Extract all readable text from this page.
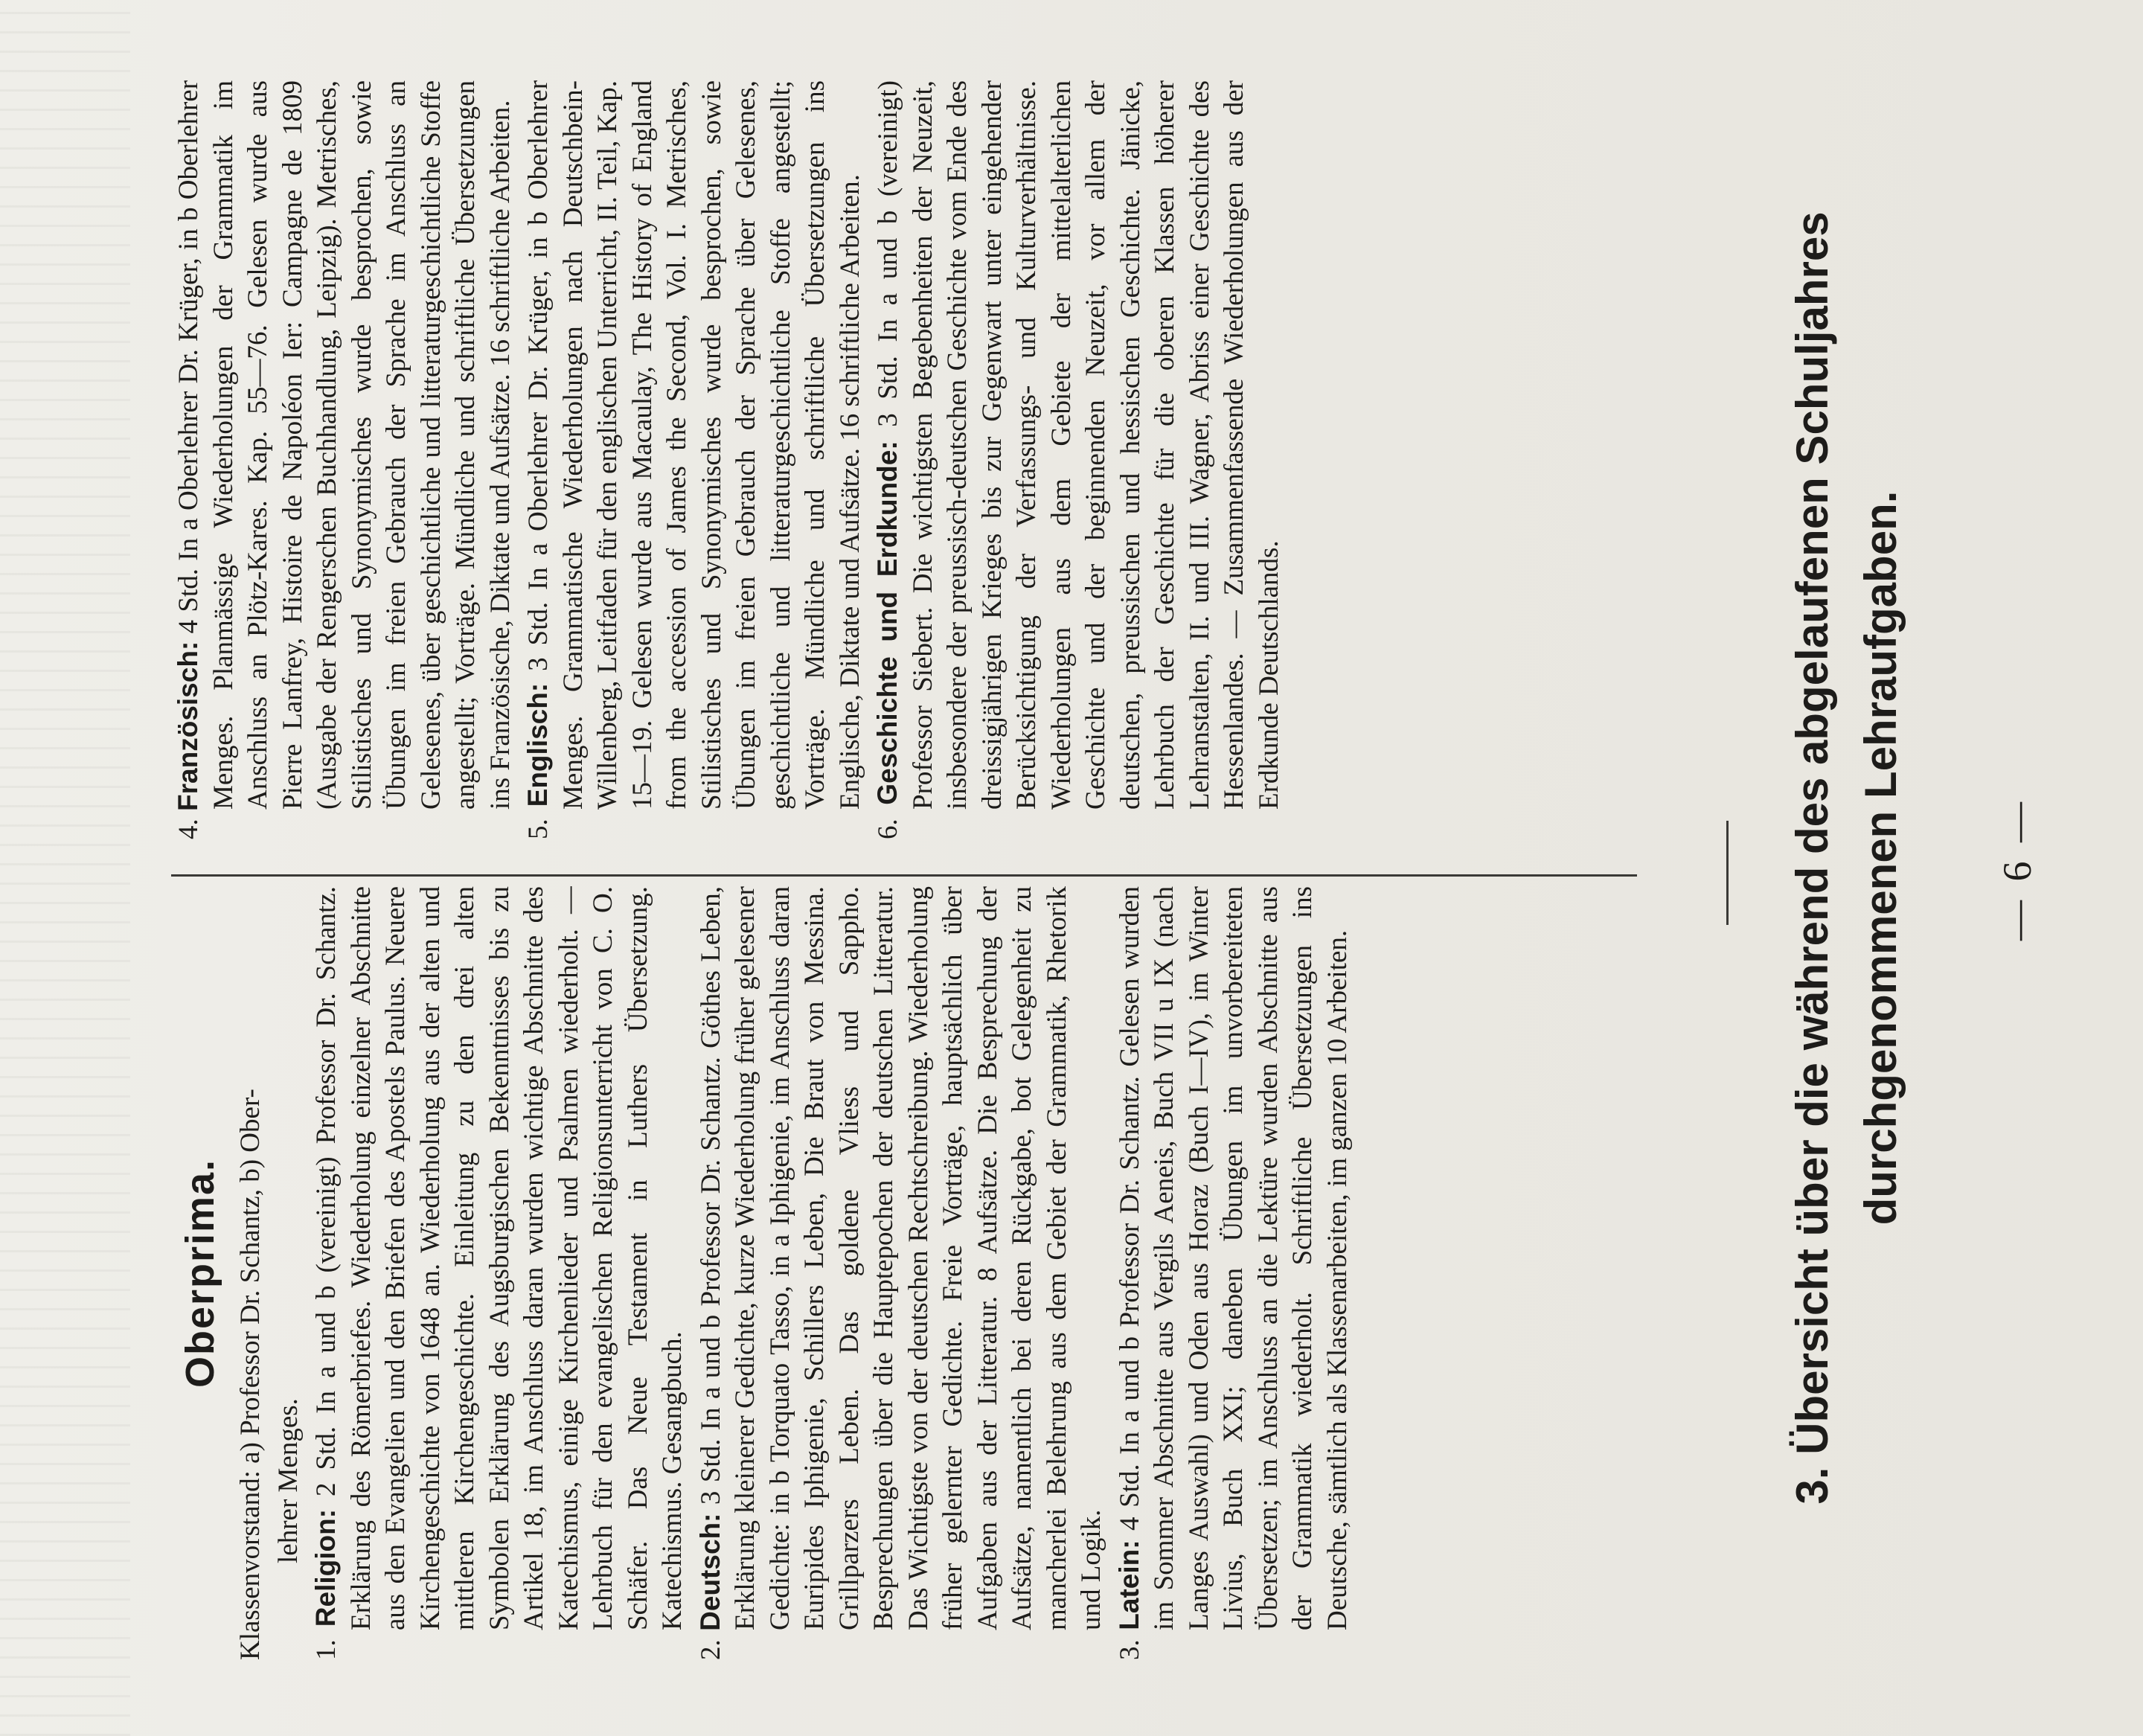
— 6 —
3. Übersicht über die während des abgelaufenen Schuljahres durchgenommenen Lehraufgaben.
Oberprima. Klassenvorstand: a) Professor Dr. Schantz, b) Ober- lehrer Menges.
1. Religion: 2 Std. In a und b (vereinigt) Professor Dr. Schantz. Erklärung des Römerbriefes. Wiederholung einzelner Abschnitte aus den Evangelien und den Briefen des Apostels Paulus. Neuere Kirchengeschichte von 1648 an. Wiederholung aus der alten und mittleren Kirchengeschichte. Einleitung zu den drei alten Symbolen Erklärung des Augsburgischen Bekenntnisses bis zu Artikel 18, im Anschluss daran wurden wichtige Abschnitte des Katechismus, einige Kirchenlieder und Psalmen wiederholt. — Lehrbuch für den evangelischen Religionsunterricht von C. O. Schäfer. Das Neue Testament in Luthers Übersetzung. Katechismus. Gesangbuch.
2. Deutsch: 3 Std. In a und b Professor Dr. Schantz. Göthes Leben, Erklärung kleinerer Gedichte, kurze Wiederholung früher gelesener Gedichte: in b Torquato Tasso, in a Iphigenie, im Anschluss daran Euripides Iphigenie, Schillers Leben, Die Braut von Messina. Grillparzers Leben. Das goldene Vliess und Sappho. Besprechungen über die Hauptepochen der deutschen Litteratur. Das Wichtigste von der deutschen Rechtschreibung. Wiederholung früher gelernter Gedichte. Freie Vorträge, hauptsächlich über Aufgaben aus der Litteratur. 8 Aufsätze. Die Besprechung der Aufsätze, namentlich bei deren Rückgabe, bot Gelegenheit zu mancherlei Belehrung aus dem Gebiet der Grammatik, Rhetorik und Logik.
3. Latein: 4 Std. In a und b Professor Dr. Schantz. Gelesen wurden im Sommer Abschnitte aus Vergils Aeneis, Buch VII u IX (nach Langes Auswahl) und Oden aus Horaz (Buch I—IV), im Winter Livius, Buch XXI; daneben Übungen im unvorbereiteten Übersetzen; im Anschluss an die Lektüre wurden Abschnitte aus der Grammatik wiederholt. Schriftliche Übersetzungen ins Deutsche, sämtlich als Klassenarbeiten, im ganzen 10 Arbeiten.
4. Französisch: 4 Std. In a Oberlehrer Dr. Krüger, in b Oberlehrer Menges. Planmässige Wiederholungen der Grammatik im Anschluss an Plötz-Kares. Kap. 55—76. Gelesen wurde aus Pierre Lanfrey, Histoire de Napoléon Ier: Campagne de 1809 (Ausgabe der Rengerschen Buchhandlung, Leipzig). Metrisches, Stilistisches und Synonymisches wurde besprochen, sowie Übungen im freien Gebrauch der Sprache im Anschluss an Gelesenes, über geschichtliche und litteraturgeschichtliche Stoffe angestellt; Vorträge. Mündliche und schriftliche Übersetzungen ins Französische, Diktate und Aufsätze. 16 schriftliche Arbeiten.
5. Englisch: 3 Std. In a Oberlehrer Dr. Krüger, in b Oberlehrer Menges. Grammatische Wiederholungen nach Deutschbein-Willenberg, Leitfaden für den englischen Unterricht, II. Teil, Kap. 15—19. Gelesen wurde aus Macaulay, The History of England from the accession of James the Second, Vol. I. Metrisches, Stilistisches und Synonymisches wurde besprochen, sowie Übungen im freien Gebrauch der Sprache über Gelesenes, geschichtliche und litteraturgeschichtliche Stoffe angestellt; Vorträge. Mündliche und schriftliche Übersetzungen ins Englische, Diktate und Aufsätze. 16 schriftliche Arbeiten.
6. Geschichte und Erdkunde: 3 Std. In a und b (vereinigt) Professor Siebert. Die wichtigsten Begebenheiten der Neuzeit, insbesondere der preussisch-deutschen Geschichte vom Ende des dreissigjährigen Krieges bis zur Gegenwart unter eingehender Berücksichtigung der Verfassungs- und Kulturverhältnisse. Wiederholungen aus dem Gebiete der mittelalterlichen Geschichte und der beginnenden Neuzeit, vor allem der deutschen, preussischen und hessischen Geschichte. Jänicke, Lehrbuch der Geschichte für die oberen Klassen höherer Lehranstalten, II. und III. Wagner, Abriss einer Geschichte des Hessenlandes. — Zusammenfassende Wiederholungen aus der Erdkunde Deutschlands.
